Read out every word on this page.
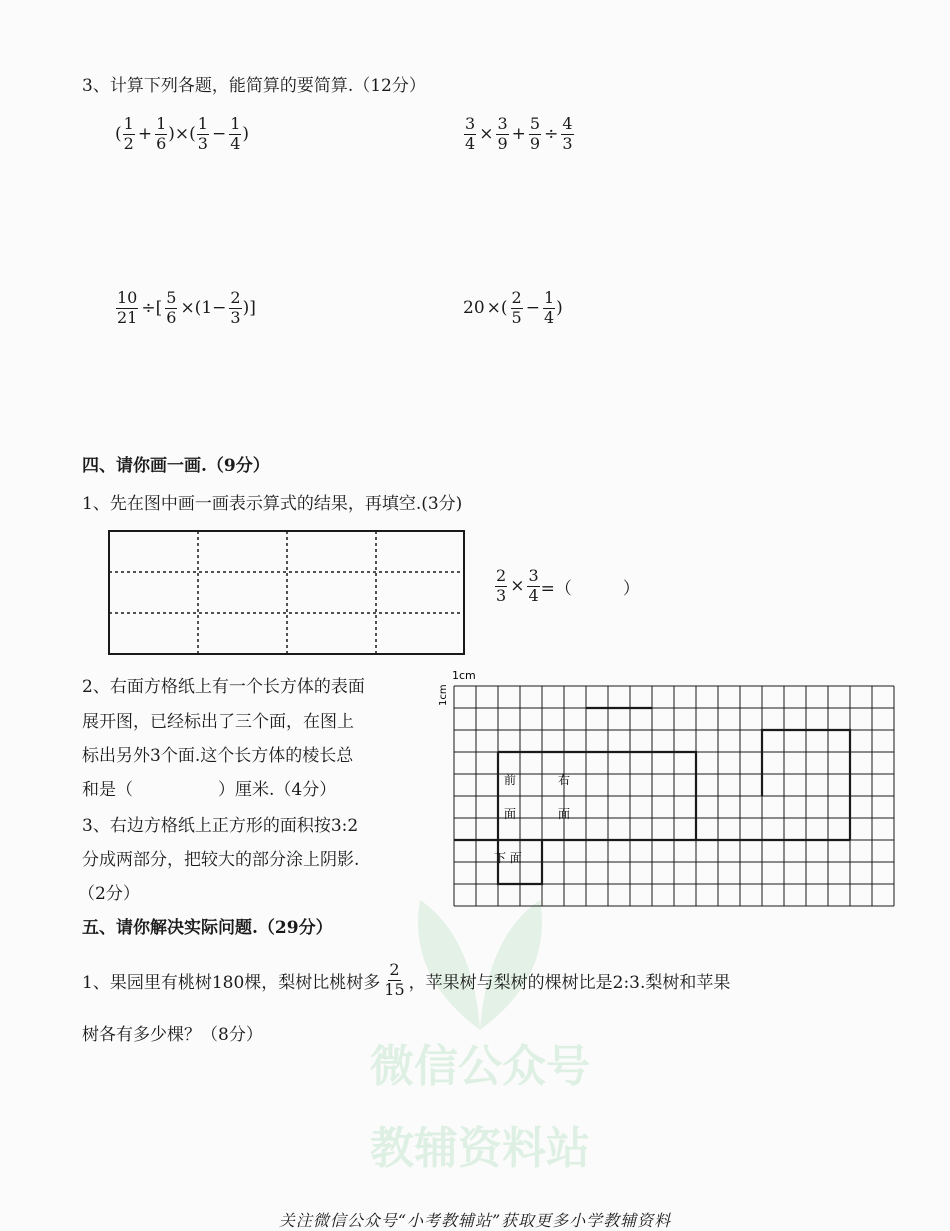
微信公众号
教辅资料站
3、计算下列各题，能简算的要简算.（12分）
( $\frac{1}{2} + \frac{1}{6}$ )×( $\frac{1}{3} - \frac{1}{4}$ )	$\frac{3}{4} \times \frac{3}{9} + \frac{5}{9} \div \frac{4}{3}$
$\frac{10}{21}$ ÷[ $\frac{5}{6} \times(1- \frac{2}{3}$ )]	20 ×( $\frac{2}{5} - \frac{1}{4}$ )
四、请你画一画.（9分）
1、先在图中画一画表示算式的结果，再填空.(3分)
$\frac{2}{3} \times \frac{3}{4}$ =（　　　）
2、右面方格纸上有一个长方体的表面
展开图，已经标出了三个面，在图上
标出另外3个面.这个长方体的棱长总
和是（　　　　　）厘米.（4分）
3、右边方格纸上正方形的面积按3:2
分成两部分，把较大的部分涂上阴影.
（2分）
1cm
1cm
前
面
右
面
下 面
五、请你解决实际问题.（29分）
1、果园里有桃树180棵，梨树比桃树多 $\frac{2}{15}$ ，苹果树与梨树的棵树比是2:3.梨树和苹果
树各有多少棵？（8分）
关注微信公众号“小考教辅站”获取更多小学教辅资料
